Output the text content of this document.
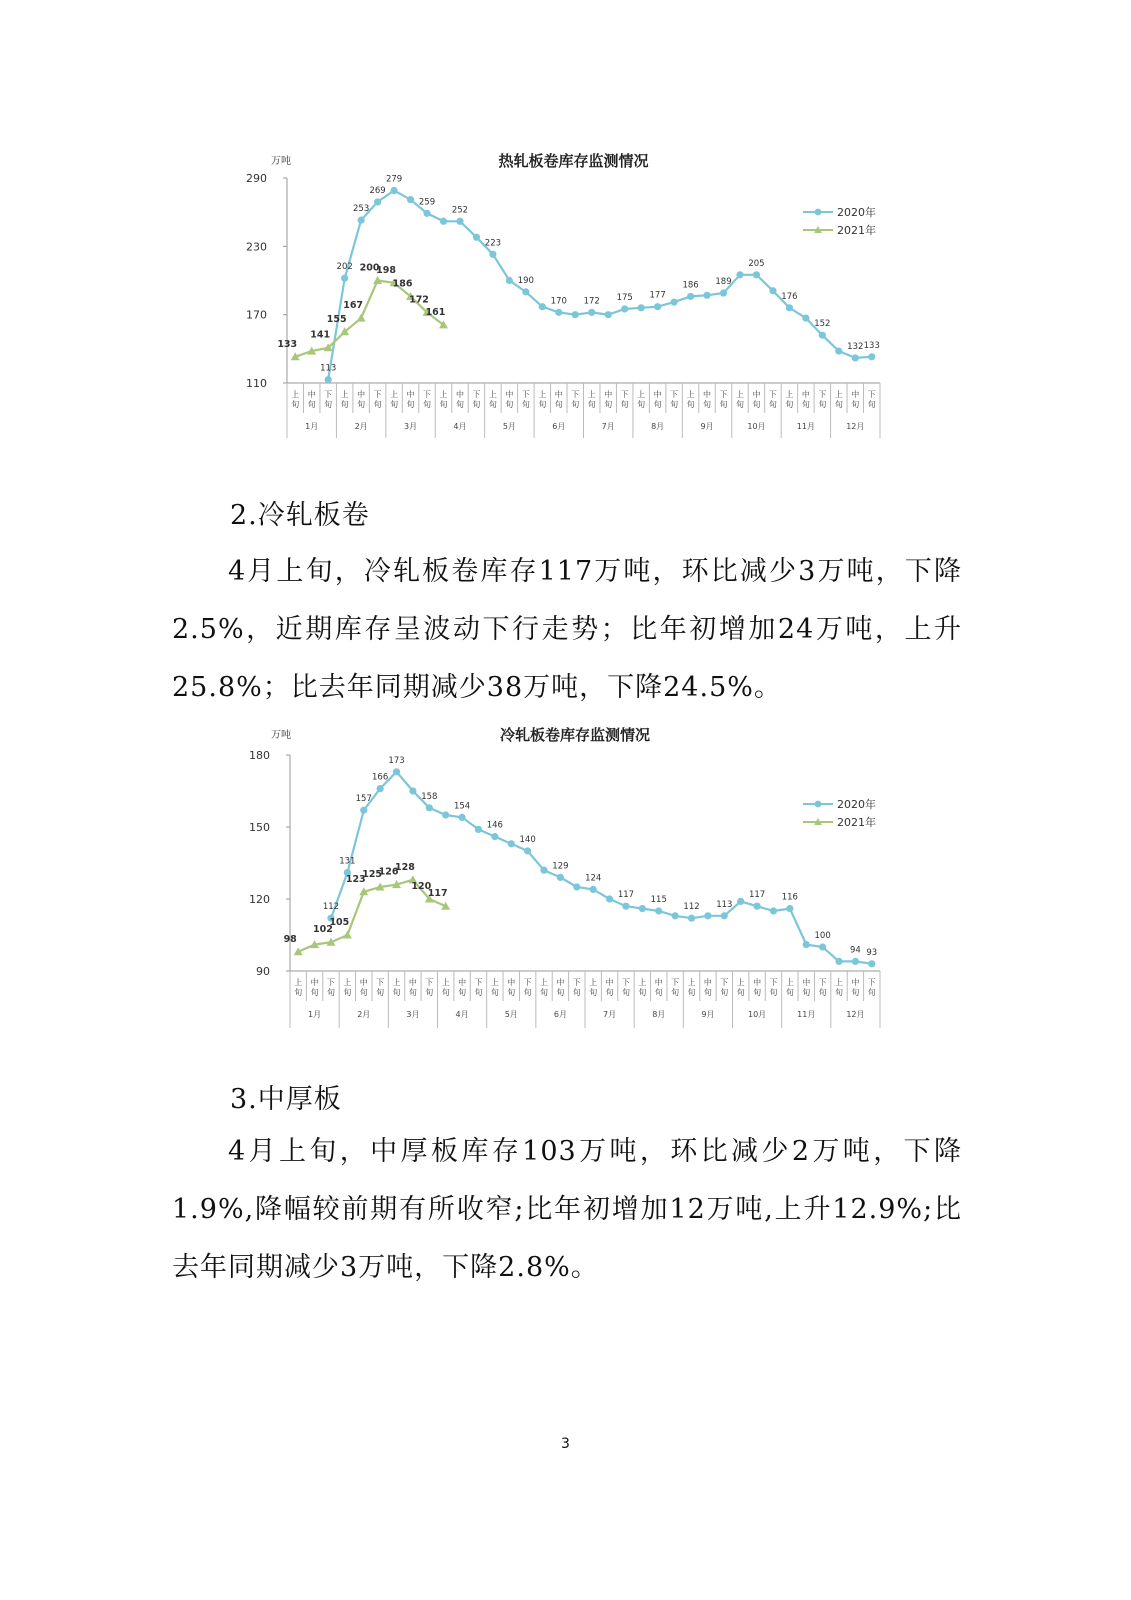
热轧板卷库存监测情况
万吨
110
170
230
290
上旬
中旬
下旬
上旬
中旬
下旬
上旬
中旬
下旬
上旬
中旬
下旬
上旬
中旬
下旬
上旬
中旬
下旬
上旬
中旬
下旬
上旬
中旬
下旬
上旬
中旬
下旬
上旬
中旬
下旬
上旬
中旬
下旬
上旬
中旬
下旬
1月	2月	3月	4月	5月	6月	7月	8月	9月	10月	11月	12月
113
202
253
269
279
259
252
223
190
170 172 175 177
186 189
205
176
152
132 133
2020年
133
141
155
167
200
198
186
172
161
2021年
2.冷轧板卷

4月上旬，冷轧板卷库存117万吨，环比减少3万吨，下降2.5%，近期库存呈波动下行走势；比年初增加24万吨，上升25.8%；比去年同期减少38万吨，下降24.5%。

冷轧板卷库存监测情况
万吨
90
120
150
180
上旬
中旬
下旬
上旬
中旬
下旬
上旬
中旬
下旬
上旬
中旬
下旬
上旬
中旬
下旬
上旬
中旬
下旬
上旬
中旬
下旬
上旬
中旬
下旬
上旬
中旬
下旬
上旬
中旬
下旬
上旬
中旬
下旬
上旬
中旬
下旬
1月	2月	3月	4月	5月	6月	7月	8月	9月	10月	11月	12月
112
131
157
166
173
158
154
146
140
129
124
117 115
112 113
117 116
100
94 93
2020年
98
102
105
123
125
126
128
120
117
2021年
3.中厚板

4月上旬，中厚板库存103万吨，环比减少2万吨，下降1.9%,降幅较前期有所收窄;比年初增加12万吨,上升12.9%;比去年同期减少3万吨，下降2.8%。

3
